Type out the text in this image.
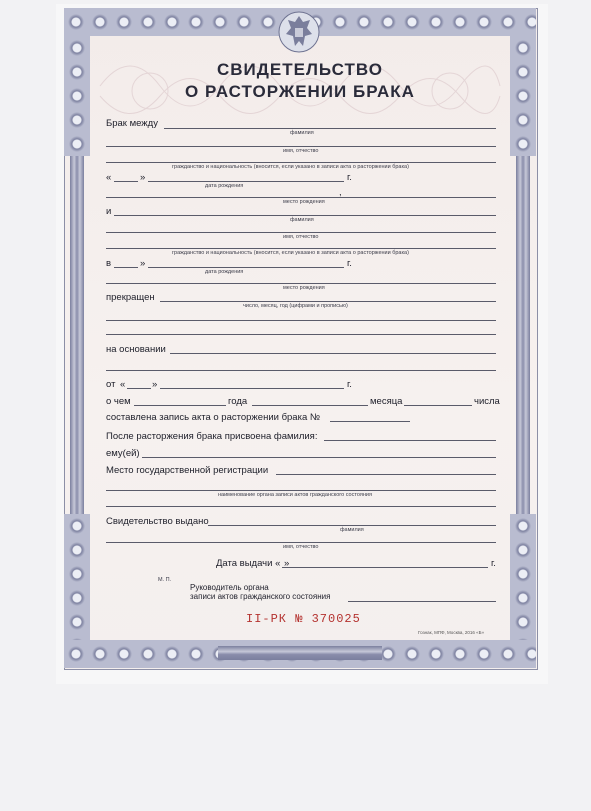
СВИДЕТЕЛЬСТВО
О РАСТОРЖЕНИИ БРАКА
Брак между
фамилия
имя, отчество
гражданство и национальность (вносится, если указано в записи акта о расторжении брака)
«	»	г.
дата рождения
,
место рождения
и
фамилия
имя, отчество
гражданство и национальность (вносится, если указано в записи акта о расторжении брака)
в	»	г.
дата рождения
место рождения
прекращен
число, месяц, год (цифрами и прописью)
на основании
от «	»	г.
о чем	года	месяца	числа
составлена запись акта о расторжении брака №
После расторжения брака присвоена фамилия:
ему(ей)
Место государственной регистрации
наименование органа записи актов гражданского состояния
Свидетельство выдано
фамилия
имя, отчество
Дата выдачи « »	г.
М. П.
Руководитель органа
записи актов гражданского состояния
II-РК № 370025
Гознак, МПФ, Москва, 2016 «Б»
